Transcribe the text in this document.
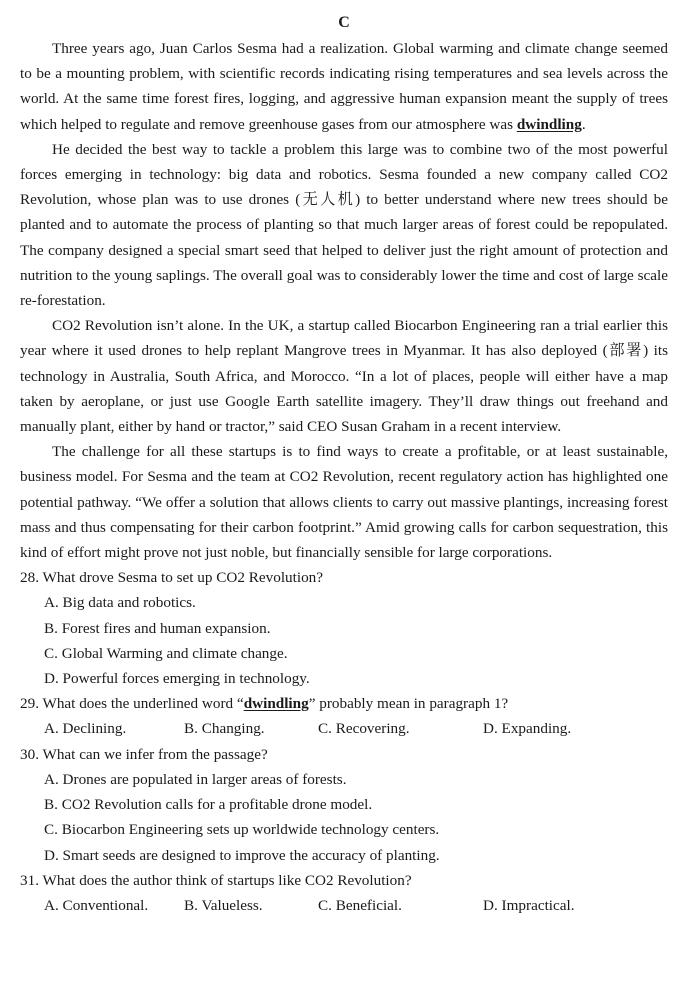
C

Three years ago, Juan Carlos Sesma had a realization. Global warming and climate change seemed to be a mounting problem, with scientific records indicating rising temperatures and sea levels across the world. At the same time forest fires, logging, and aggressive human expansion meant the supply of trees which helped to regulate and remove greenhouse gases from our atmosphere was dwindling.

He decided the best way to tackle a problem this large was to combine two of the most powerful forces emerging in technology: big data and robotics. Sesma founded a new company called CO2 Revolution, whose plan was to use drones (无人机) to better understand where new trees should be planted and to automate the process of planting so that much larger areas of forest could be repopulated. The company designed a special smart seed that helped to deliver just the right amount of protection and nutrition to the young saplings. The overall goal was to considerably lower the time and cost of large scale re-forestation.

CO2 Revolution isn’t alone. In the UK, a startup called Biocarbon Engineering ran a trial earlier this year where it used drones to help replant Mangrove trees in Myanmar. It has also deployed (部署) its technology in Australia, South Africa, and Morocco. “In a lot of places, people will either have a map taken by aeroplane, or just use Google Earth satellite imagery. They’ll draw things out freehand and manually plant, either by hand or tractor,” said CEO Susan Graham in a recent interview.

The challenge for all these startups is to find ways to create a profitable, or at least sustainable, business model. For Sesma and the team at CO2 Revolution, recent regulatory action has highlighted one potential pathway. “We offer a solution that allows clients to carry out massive plantings, increasing forest mass and thus compensating for their carbon footprint.” Amid growing calls for carbon sequestration, this kind of effort might prove not just noble, but financially sensible for large corporations.

28. What drove Sesma to set up CO2 Revolution?
A. Big data and robotics.
B. Forest fires and human expansion.
C. Global Warming and climate change.
D. Powerful forces emerging in technology.
29. What does the underlined word “dwindling” probably mean in paragraph 1?
A. Declining.	B. Changing.	C. Recovering.	D. Expanding.
30. What can we infer from the passage?
A. Drones are populated in larger areas of forests.
B. CO2 Revolution calls for a profitable drone model.
C. Biocarbon Engineering sets up worldwide technology centers.
D. Smart seeds are designed to improve the accuracy of planting.
31. What does the author think of startups like CO2 Revolution?
A. Conventional.	B. Valueless.	C. Beneficial.	D. Impractical.
